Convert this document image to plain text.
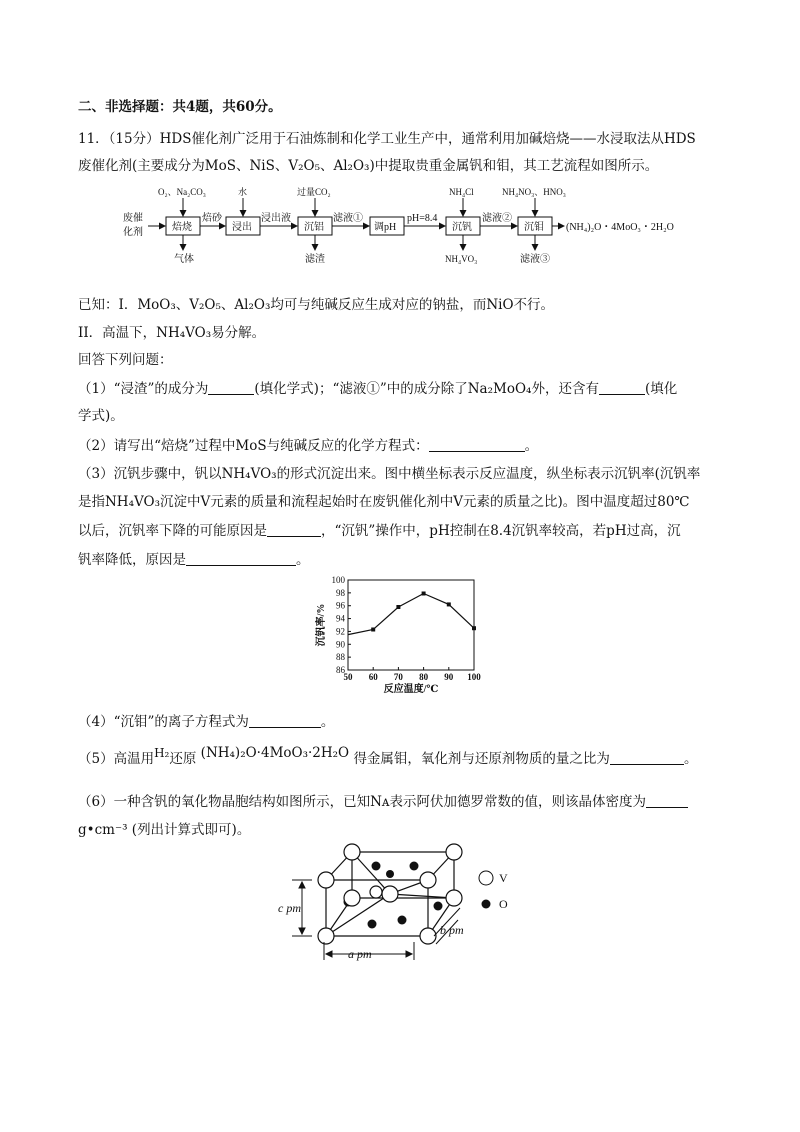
二、非选择题：共4题，共60分。
11．（15分）HDS催化剂广泛用于石油炼制和化学工业生产中，通常利用加碱焙烧——水浸取法从HDS
废催化剂(主要成分为MoS、NiS、V₂O₅、Al₂O₃)中提取贵重金属钒和钼，其工艺流程如图所示。
废催
化剂	焙烧	浸出	沉铝	调pH	沉钒	沉钼
焙砂	浸出液	滤液①	pH=8.4	滤液②
(NH₄)₂O・4MoO₃・2H₂O
O₂、Na₂CO₃	水	过量CO₂	NH₄Cl	NH₄NO₃、HNO₃
气体	滤渣	NH₄VO₃	滤液③
已知：I．MoO₃、V₂O₅、Al₂O₃均可与纯碱反应生成对应的钠盐，而NiO不行。
II．高温下，NH₄VO₃易分解。
回答下列问题：
（1）“浸渣”的成分为	(填化学式)；“滤液①”中的成分除了Na₂MoO₄外，还含有	(填化
学式)。
（2）请写出“焙烧”过程中MoS与纯碱反应的化学方程式：	。
（3）沉钒步骤中，钒以NH₄VO₃的形式沉淀出来。图中横坐标表示反应温度，纵坐标表示沉钒率(沉钒率
是指NH₄VO₃沉淀中V元素的质量和流程起始时在废钒催化剂中V元素的质量之比)。图中温度超过80℃
以后，沉钒率下降的可能原因是	，“沉钒”操作中，pH控制在8.4沉钒率较高，若pH过高，沉
钒率降低，原因是	。
86
88
90
92
94
96
98
100
50 60 70 80 90 100
反应温度/℃
沉钒率/%
（4）“沉钼”的离子方程式为	。
（5）高温用H₂还原 (NH₄)₂O·4MoO₃·2H₂O 得金属钼，氧化剂与还原剂物质的量之比为	。
（6）一种含钒的氧化物晶胞结构如图所示，已知Nᴀ表示阿伏加德罗常数的值，则该晶体密度为
g•cm⁻³ (列出计算式即可)。
c pm
b pm
a pm
V
O
